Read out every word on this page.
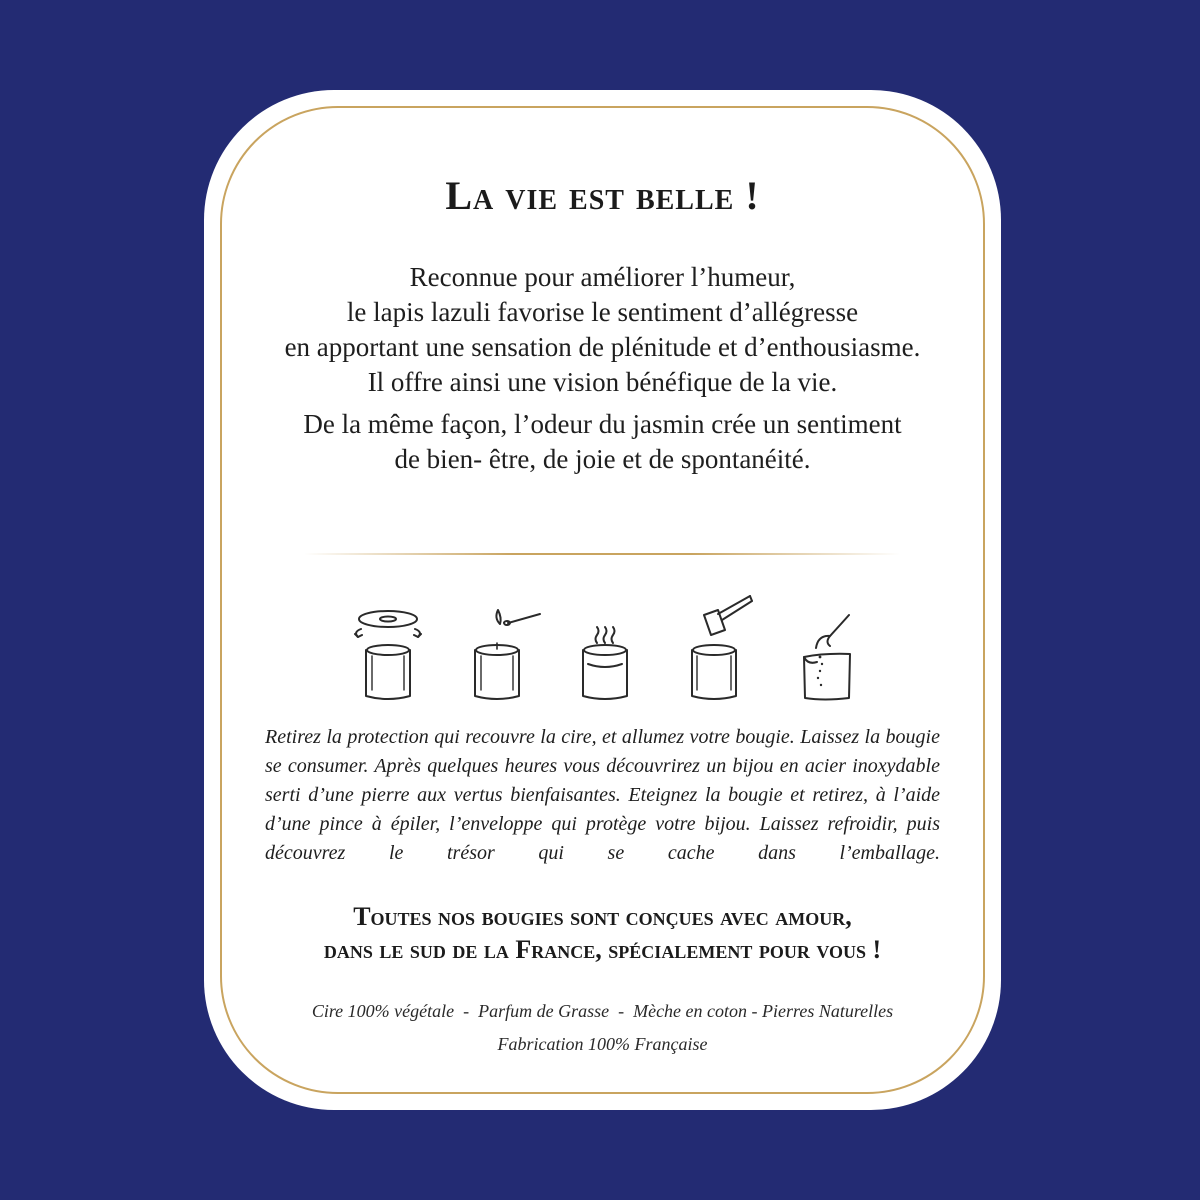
La vie est belle !

Reconnue pour améliorer l’humeur,

le lapis lazuli favorise le sentiment d’allégresse

en apportant une sensation de plénitude et d’enthousiasme.

Il offre ainsi une vision bénéfique de la vie.

De la même façon, l’odeur du jasmin crée un sentiment

de bien- être, de joie et de spontanéité.

Retirez la protection qui recouvre la cire, et allumez votre bougie. Laissez la bougie se consumer. Après quelques heures vous découvrirez un bijou en acier inoxydable serti d’une pierre aux vertus bienfaisantes. Eteignez la bougie et retirez, à l’aide d’une pince à épiler, l’enveloppe qui protège votre bijou. Laissez refroidir, puis découvrez le trésor qui se cache dans l’emballage.
Toutes nos bougies sont conçues avec amour,
dans le sud de la France, spécialement pour vous !
Cire 100% végétale  -  Parfum de Grasse  -  Mèche en coton - Pierres Naturelles
Fabrication 100% Française
